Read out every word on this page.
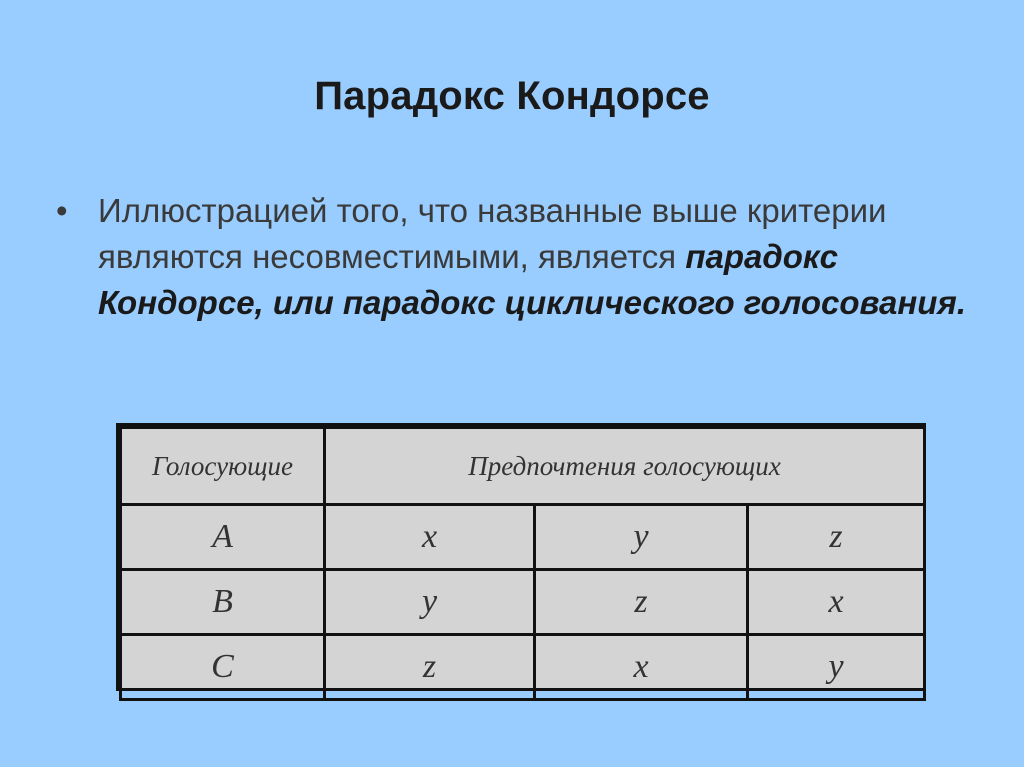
Парадокс Кондорсе
• Иллюстрацией того, что названные выше критерии являются несовместимыми, является парадокс Кондорсе, или парадокс циклического голосования.
Голосующие	Предпочтения голосующих		
A	x	y	z
B	y	z	x
C	z	x	y
